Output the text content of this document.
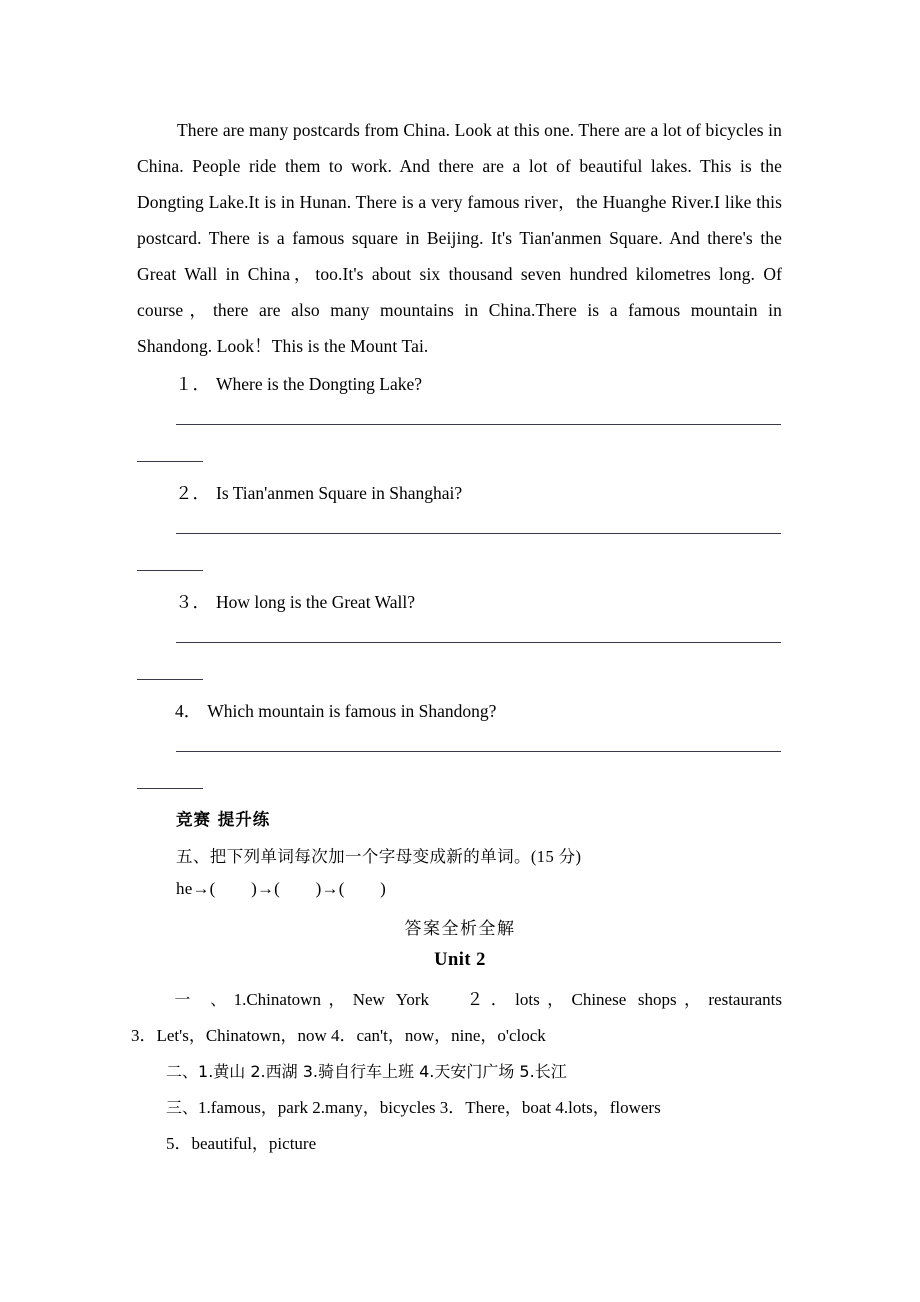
There are many postcards from China. Look at this one. There are a lot of bicycles in China. People ride them to work. And there are a lot of beautiful lakes. This is the Dongting Lake.It is in Hunan. There is a very famous river，the Huanghe River.I like this postcard. There is a famous square in Beijing. It's Tian'anmen Square. And there's the Great Wall in China，too.It's about six thousand seven hundred kilometres long. Of course，there are also many mountains in China.There is a famous mountain in Shandong. Look！This is the Mount Tai.
１． Where is the Dongting Lake?
２． Is Tian'anmen Square in Shanghai?
３． How long is the Great Wall?
4． Which mountain is famous in Shandong?
竞赛 提升练
五、把下列单词每次加一个字母变成新的单词。(15 分)
he→(        )→(        )→(        )
答案全析全解
Unit 2
一 、1.Chinatown，New York ２．lots，Chinese shops，restaurants
3．Let's，Chinatown，now 4．can't，now，nine，o'clock
二、1.黄山 2.西湖 3.骑自行车上班 4.天安门广场 5.长江
三、1.famous，park 2.many，bicycles 3．There，boat 4.lots，flowers
5．beautiful，picture
